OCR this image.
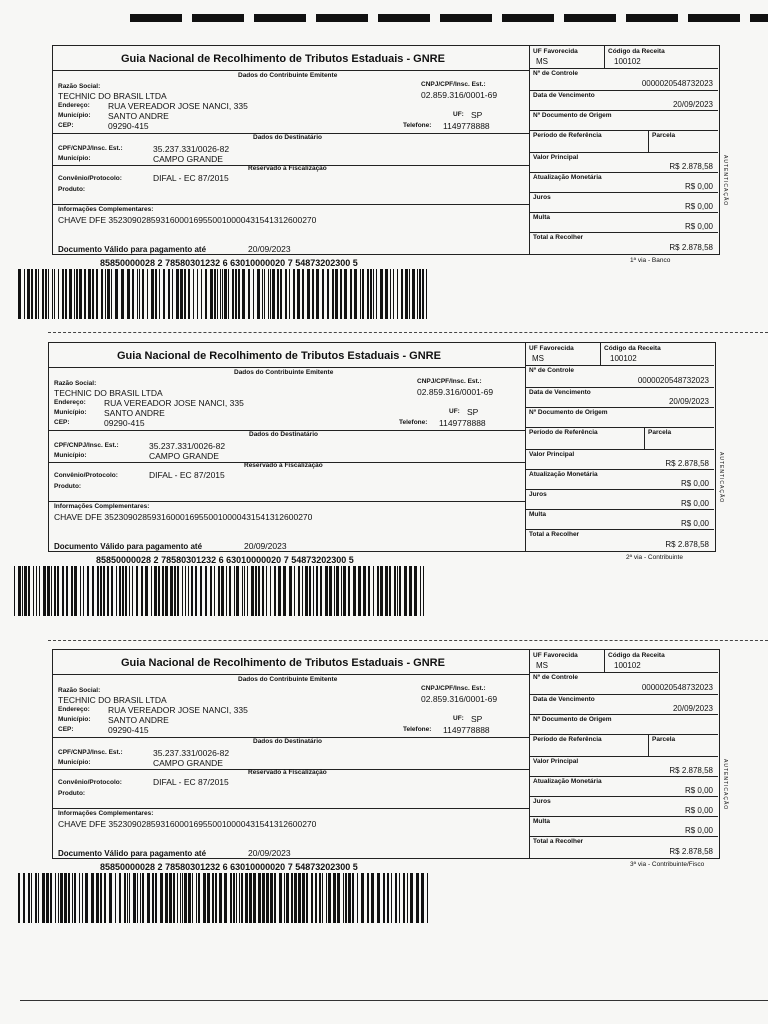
Guia Nacional de Recolhimento de Tributos Estaduais - GNRE
Dados do Contribuinte Emitente
Razão Social:
TECHNIC DO BRASIL LTDA
Endereço: RUA VEREADOR JOSE NANCI, 335
Município: SANTO ANDRE
CEP:	09290-415
CNPJ/CPF/Insc. Est.:
02.859.316/0001-69
UF: SP
Telefone: 1149778888
Dados do Destinatário
CPF/CNPJ/Insc. Est.:	35.237.331/0026-82
Município:	CAMPO GRANDE
Reservado à Fiscalização
Convênio/Protocolo:	DIFAL - EC 87/2015
Produto:
Informações Complementares:
CHAVE DFE 35230902859316000169550010000431541312600270
Documento Válido para pagamento até	20/09/2023
UF Favorecida
MS
Código da Receita
100102
Nº de Controle
0000020548732023
Data de Vencimento
20/09/2023
Nº Documento de Origem
Período de Referência	Parcela
Valor Principal
R$ 2.878,58
Atualização Monetária
R$ 0,00
Juros
R$ 0,00
Multa
R$ 0,00
Total a Recolher
R$ 2.878,58
AUTENTICAÇÃO
1ª via - Banco
85850000028 2 78580301232 6 63010000020 7 54873202300 5
Guia Nacional de Recolhimento de Tributos Estaduais - GNRE
Dados do Contribuinte Emitente
Razão Social:
TECHNIC DO BRASIL LTDA
Endereço: RUA VEREADOR JOSE NANCI, 335
Município: SANTO ANDRE
CEP:	09290-415
CNPJ/CPF/Insc. Est.:
02.859.316/0001-69
UF: SP
Telefone: 1149778888
Dados do Destinatário
CPF/CNPJ/Insc. Est.:	35.237.331/0026-82
Município:	CAMPO GRANDE
Reservado à Fiscalização
Convênio/Protocolo:	DIFAL - EC 87/2015
Produto:
Informações Complementares:
CHAVE DFE 35230902859316000169550010000431541312600270
Documento Válido para pagamento até	20/09/2023
UF Favorecida
MS
Código da Receita
100102
Nº de Controle
0000020548732023
Data de Vencimento
20/09/2023
Nº Documento de Origem
Período de Referência	Parcela
Valor Principal
R$ 2.878,58
Atualização Monetária
R$ 0,00
Juros
R$ 0,00
Multa
R$ 0,00
Total a Recolher
R$ 2.878,58
AUTENTICAÇÃO
2ª via - Contribuinte
85850000028 2 78580301232 6 63010000020 7 54873202300 5
Guia Nacional de Recolhimento de Tributos Estaduais - GNRE
Dados do Contribuinte Emitente
Razão Social:
TECHNIC DO BRASIL LTDA
Endereço: RUA VEREADOR JOSE NANCI, 335
Município: SANTO ANDRE
CEP:	09290-415
CNPJ/CPF/Insc. Est.:
02.859.316/0001-69
UF: SP
Telefone: 1149778888
Dados do Destinatário
CPF/CNPJ/Insc. Est.:	35.237.331/0026-82
Município:	CAMPO GRANDE
Reservado à Fiscalização
Convênio/Protocolo:	DIFAL - EC 87/2015
Produto:
Informações Complementares:
CHAVE DFE 35230902859316000169550010000431541312600270
Documento Válido para pagamento até	20/09/2023
UF Favorecida
MS
Código da Receita
100102
Nº de Controle
0000020548732023
Data de Vencimento
20/09/2023
Nº Documento de Origem
Período de Referência	Parcela
Valor Principal
R$ 2.878,58
Atualização Monetária
R$ 0,00
Juros
R$ 0,00
Multa
R$ 0,00
Total a Recolher
R$ 2.878,58
AUTENTICAÇÃO
3ª via - Contribuinte/Fisco
85850000028 2 78580301232 6 63010000020 7 54873202300 5
